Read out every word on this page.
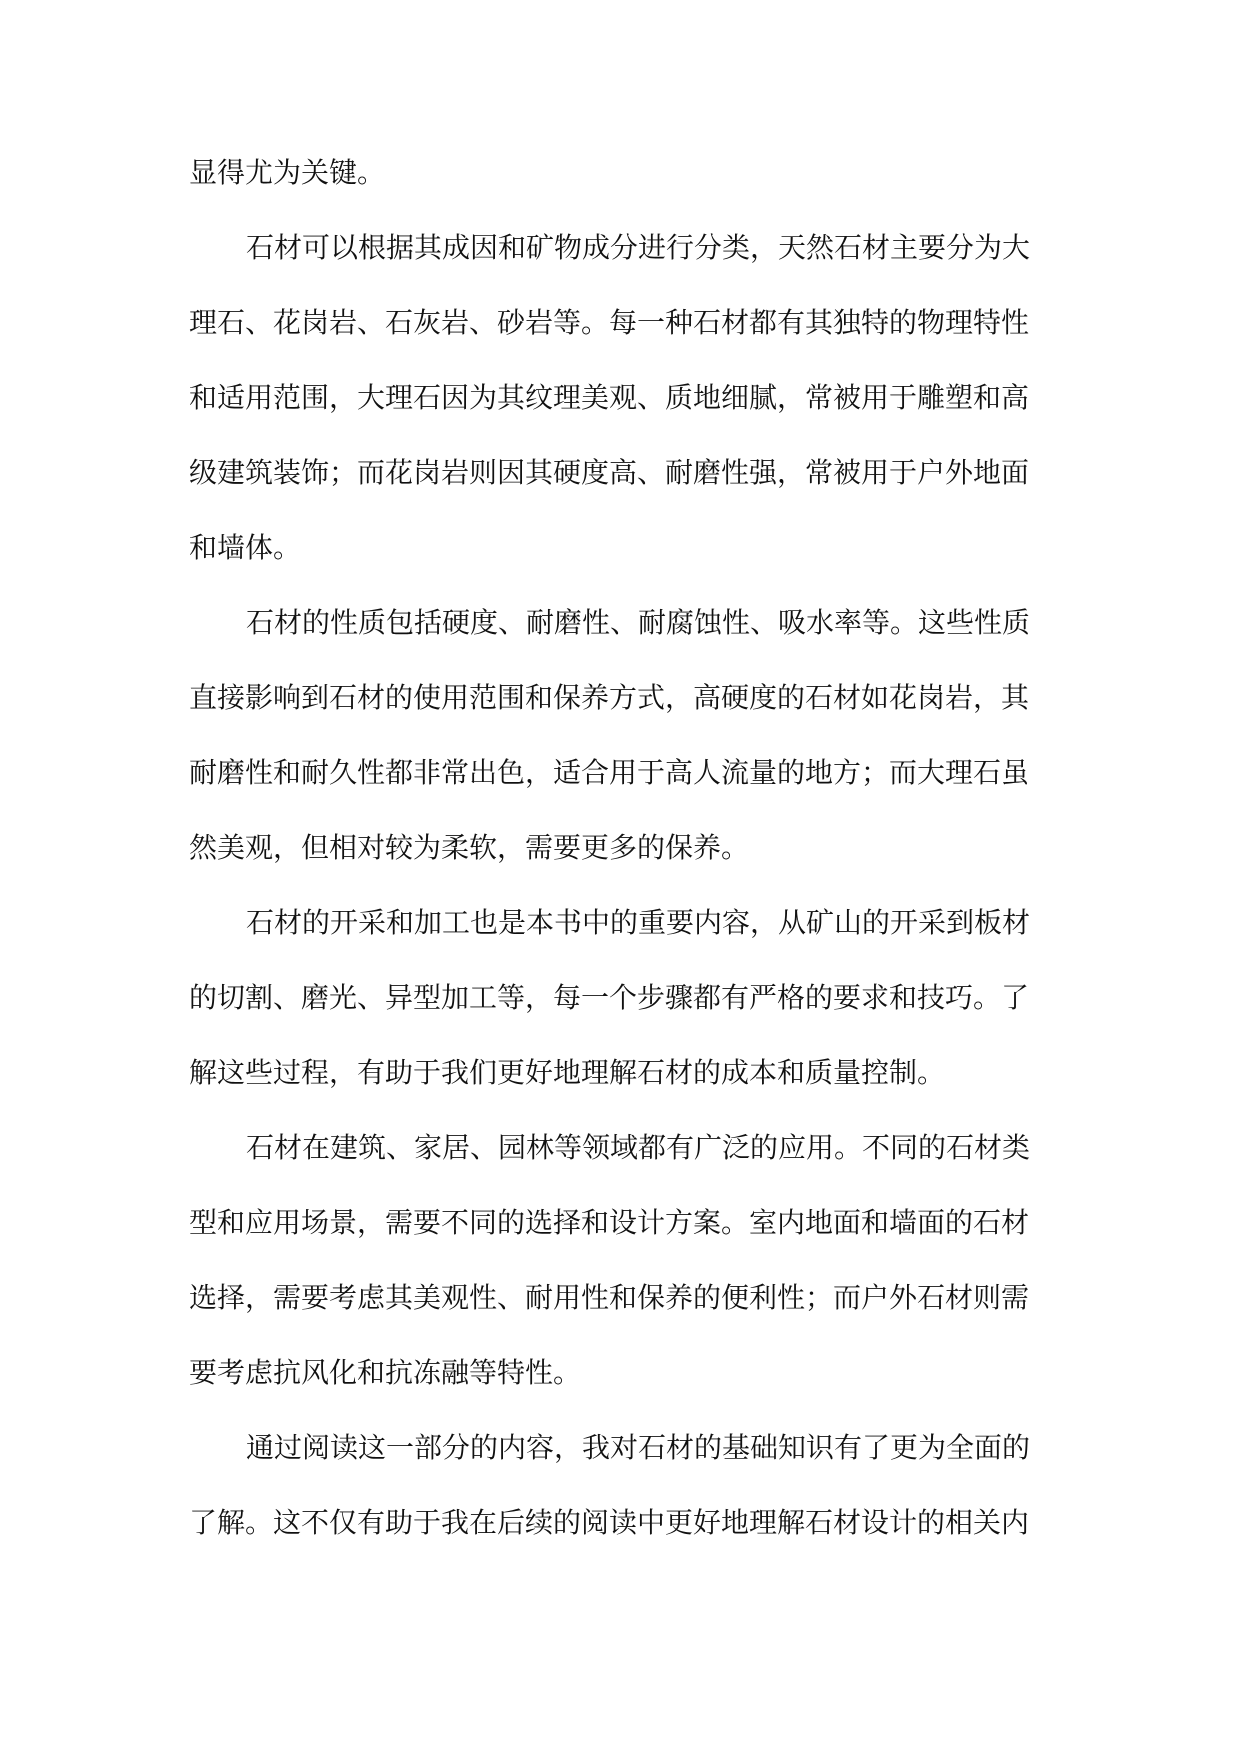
显得尤为关键。
石材可以根据其成因和矿物成分进行分类，天然石材主要分为大
理石、花岗岩、石灰岩、砂岩等。每一种石材都有其独特的物理特性
和适用范围，大理石因为其纹理美观、质地细腻，常被用于雕塑和高
级建筑装饰；而花岗岩则因其硬度高、耐磨性强，常被用于户外地面
和墙体。
石材的性质包括硬度、耐磨性、耐腐蚀性、吸水率等。这些性质
直接影响到石材的使用范围和保养方式，高硬度的石材如花岗岩，其
耐磨性和耐久性都非常出色，适合用于高人流量的地方；而大理石虽
然美观，但相对较为柔软，需要更多的保养。
石材的开采和加工也是本书中的重要内容，从矿山的开采到板材
的切割、磨光、异型加工等，每一个步骤都有严格的要求和技巧。了
解这些过程，有助于我们更好地理解石材的成本和质量控制。
石材在建筑、家居、园林等领域都有广泛的应用。不同的石材类
型和应用场景，需要不同的选择和设计方案。室内地面和墙面的石材
选择，需要考虑其美观性、耐用性和保养的便利性；而户外石材则需
要考虑抗风化和抗冻融等特性。
通过阅读这一部分的内容，我对石材的基础知识有了更为全面的
了解。这不仅有助于我在后续的阅读中更好地理解石材设计的相关内
